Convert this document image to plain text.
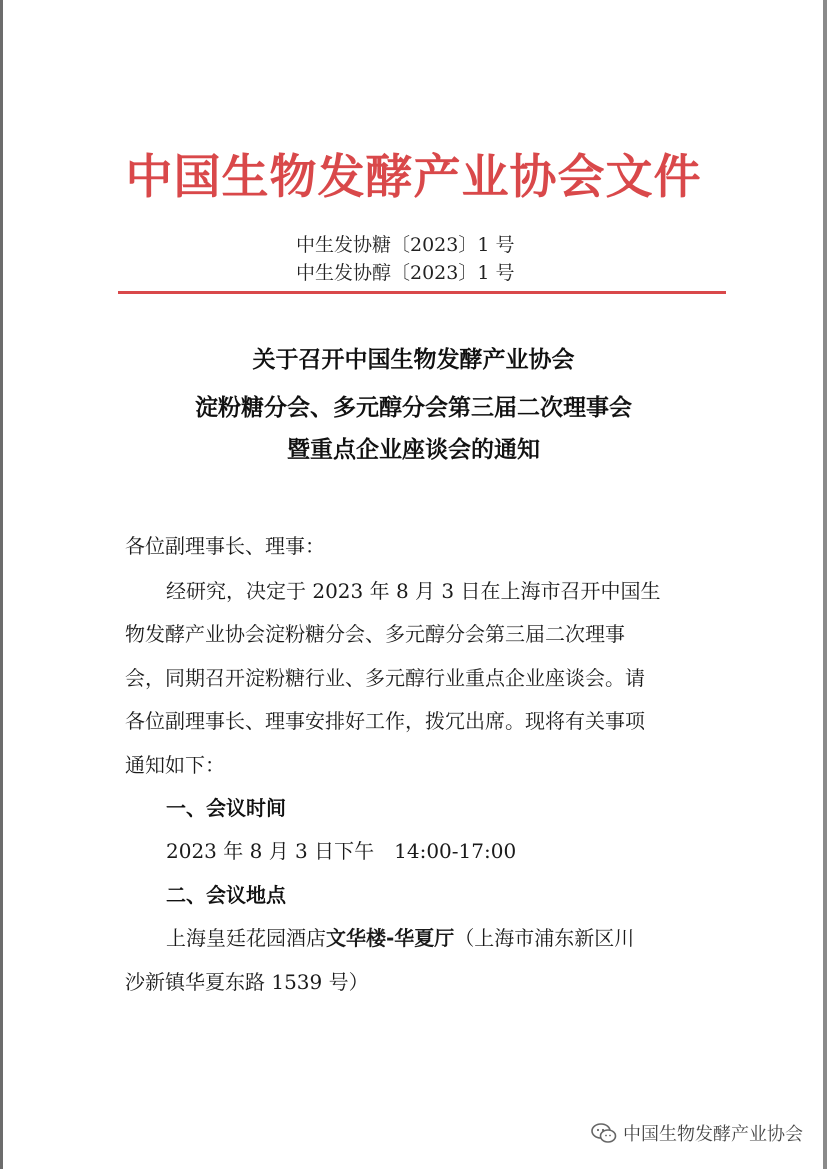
中国生物发酵产业协会文件
中生发协糖〔2023〕1 号
中生发协醇〔2023〕1 号
关于召开中国生物发酵产业协会
淀粉糖分会、多元醇分会第三届二次理事会
暨重点企业座谈会的通知
各位副理事长、理事：
经研究，决定于 2023 年 8 月 3 日在上海市召开中国生
物发酵产业协会淀粉糖分会、多元醇分会第三届二次理事
会，同期召开淀粉糖行业、多元醇行业重点企业座谈会。请
各位副理事长、理事安排好工作，拨冗出席。现将有关事项
通知如下：
一、会议时间
2023 年 8 月 3 日下午　14:00-17:00
二、会议地点
上海皇廷花园酒店文华楼-华夏厅（上海市浦东新区川
沙新镇华夏东路 1539 号）
中国生物发酵产业协会
